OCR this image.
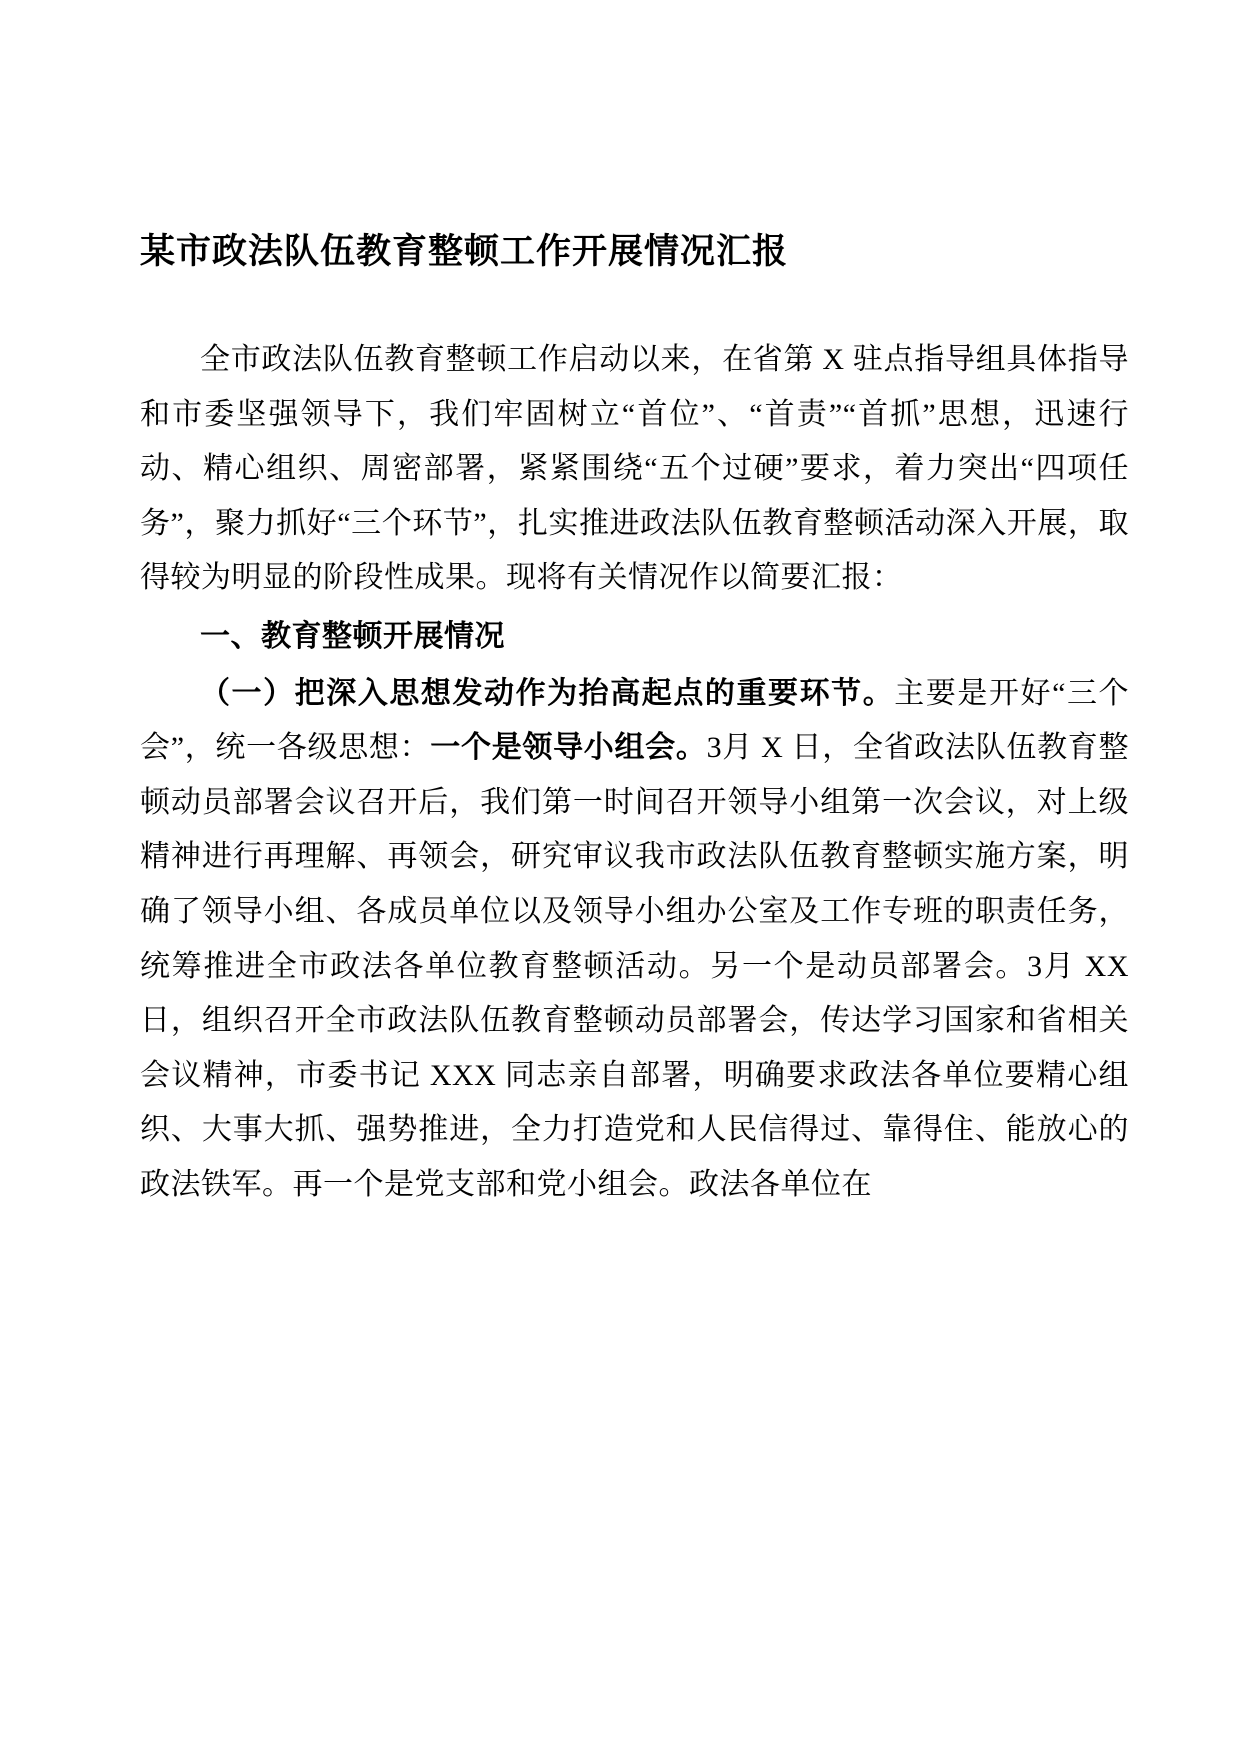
某市政法队伍教育整顿工作开展情况汇报

全市政法队伍教育整顿工作启动以来，在省第 X 驻点指导组具体指导和市委坚强领导下，我们牢固树立“首位”、“首责”“首抓”思想，迅速行动、精心组织、周密部署，紧紧围绕“五个过硬”要求，着力突出“四项任务”，聚力抓好“三个环节”，扎实推进政法队伍教育整顿活动深入开展，取得较为明显的阶段性成果。现将有关情况作以简要汇报：

一、教育整顿开展情况

（一）把深入思想发动作为抬高起点的重要环节。主要是开好“三个会”，统一各级思想：一个是领导小组会。3月 X 日，全省政法队伍教育整顿动员部署会议召开后，我们第一时间召开领导小组第一次会议，对上级精神进行再理解、再领会，研究审议我市政法队伍教育整顿实施方案，明确了领导小组、各成员单位以及领导小组办公室及工作专班的职责任务，统筹推进全市政法各单位教育整顿活动。另一个是动员部署会。3月 XX 日，组织召开全市政法队伍教育整顿动员部署会，传达学习国家和省相关会议精神，市委书记 XXX 同志亲自部署，明确要求政法各单位要精心组织、大事大抓、强势推进，全力打造党和人民信得过、靠得住、能放心的政法铁军。再一个是党支部和党小组会。政法各单位在
